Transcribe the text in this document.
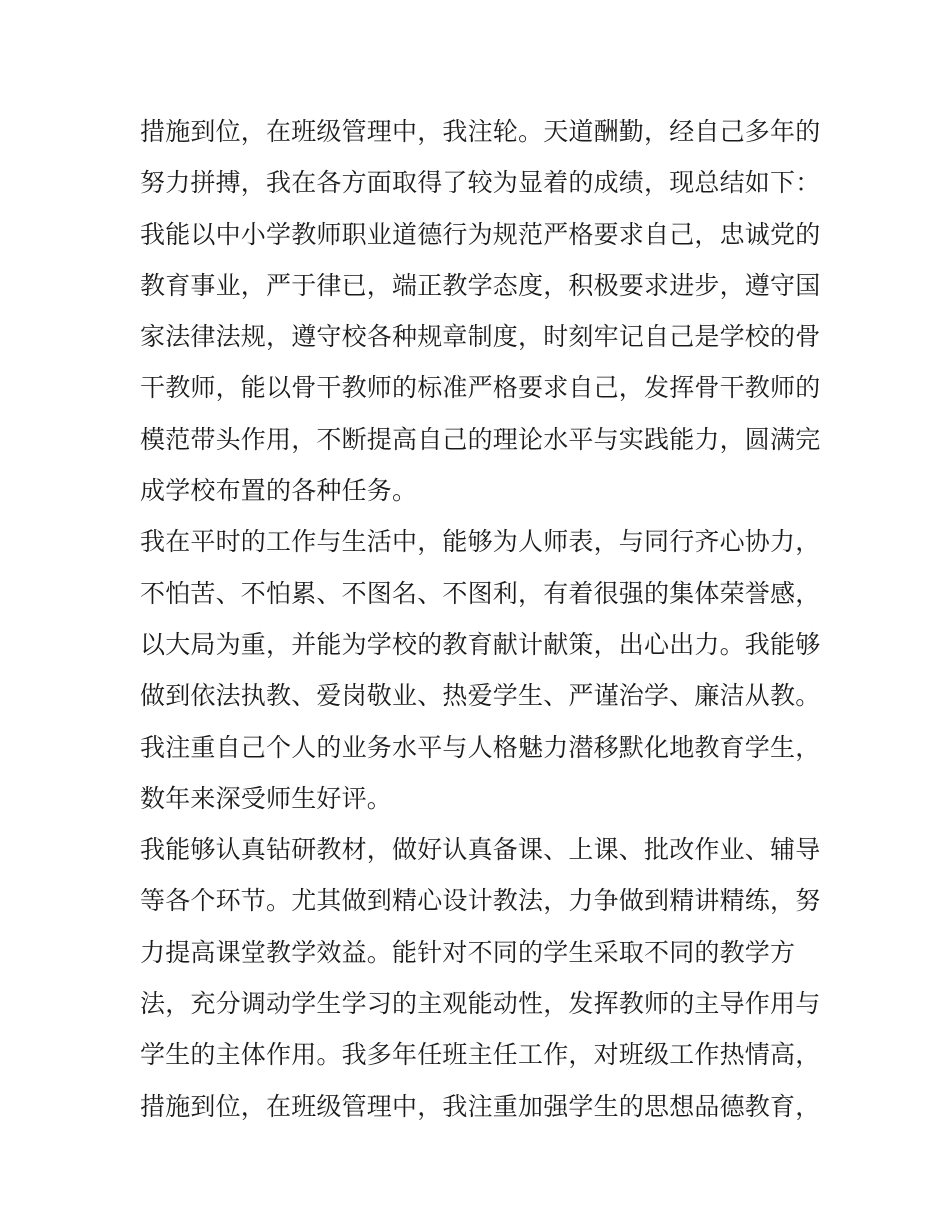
措施到位，在班级管理中，我注轮。天道酬勤，经自己多年的
努力拼搏，我在各方面取得了较为显着的成绩，现总结如下：
我能以中小学教师职业道德行为规范严格要求自己，忠诚党的
教育事业，严于律已，端正教学态度，积极要求进步，遵守国
家法律法规，遵守校各种规章制度，时刻牢记自己是学校的骨
干教师，能以骨干教师的标准严格要求自己，发挥骨干教师的
模范带头作用，不断提高自己的理论水平与实践能力，圆满完
成学校布置的各种任务。
我在平时的工作与生活中，能够为人师表，与同行齐心协力，
不怕苦、不怕累、不图名、不图利，有着很强的集体荣誉感，
以大局为重，并能为学校的教育献计献策，出心出力。我能够
做到依法执教、爱岗敬业、热爱学生、严谨治学、廉洁从教。
我注重自己个人的业务水平与人格魅力潜移默化地教育学生，
数年来深受师生好评。
我能够认真钻研教材，做好认真备课、上课、批改作业、辅导
等各个环节。尤其做到精心设计教法，力争做到精讲精练，努
力提高课堂教学效益。能针对不同的学生采取不同的教学方
法，充分调动学生学习的主观能动性，发挥教师的主导作用与
学生的主体作用。我多年任班主任工作，对班级工作热情高，
措施到位，在班级管理中，我注重加强学生的思想品德教育，
